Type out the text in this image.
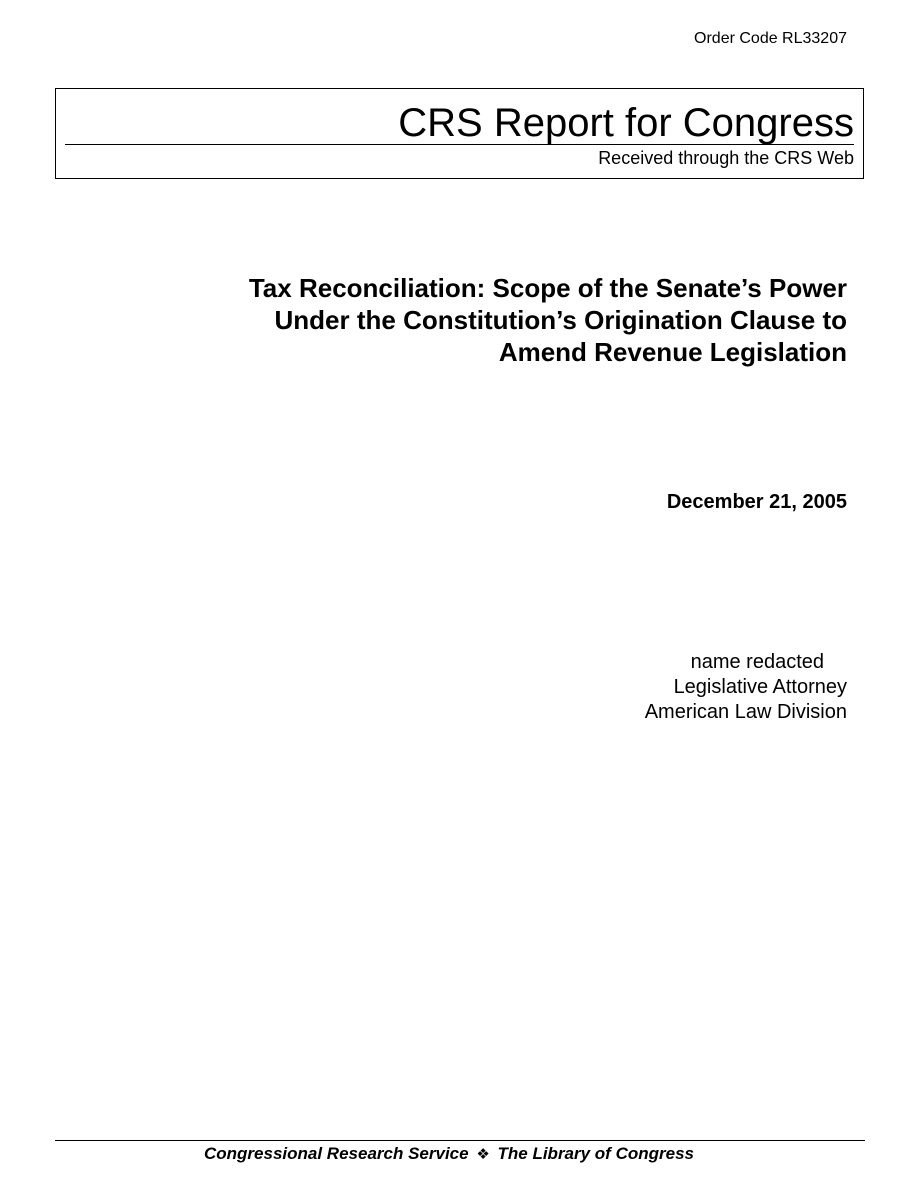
Order Code RL33207
CRS Report for Congress
Received through the CRS Web
Tax Reconciliation: Scope of the Senate’s Power
Under the Constitution’s Origination Clause to
Amend Revenue Legislation
December 21, 2005
name redacted
Legislative Attorney
American Law Division
Congressional Research Service ❖ The Library of Congress
